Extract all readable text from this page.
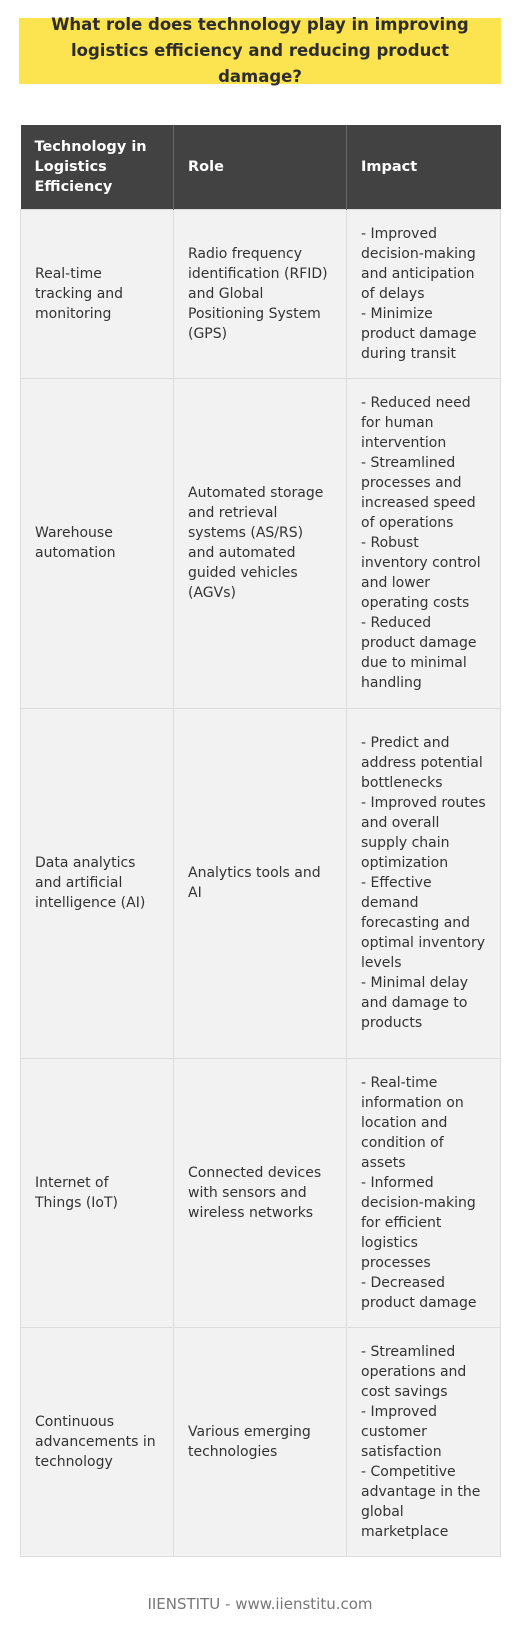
What role does technology play in improving logistics efficiency and reducing product damage?
Technology in Logistics Efficiency	Role	Impact
Real-time tracking and monitoring	Radio frequency identification (RFID) and Global Positioning System (GPS)	- Improved decision-making and anticipation of delays
- Minimize product damage during transit
Warehouse automation	Automated storage and retrieval systems (AS/RS) and automated guided vehicles (AGVs)	- Reduced need for human intervention
- Streamlined processes and increased speed of operations
- Robust inventory control and lower operating costs
- Reduced product damage due to minimal handling
Data analytics and artificial intelligence (AI)	Analytics tools and AI	- Predict and address potential bottlenecks
- Improved routes and overall supply chain optimization
- Effective demand forecasting and optimal inventory levels
- Minimal delay and damage to products
Internet of Things (IoT)	Connected devices with sensors and wireless networks	- Real-time information on location and condition of assets
- Informed decision-making for efficient logistics processes
- Decreased product damage
Continuous advancements in technology	Various emerging technologies	- Streamlined operations and cost savings
- Improved customer satisfaction
- Competitive advantage in the global marketplace
IIENSTITU - www.iienstitu.com
